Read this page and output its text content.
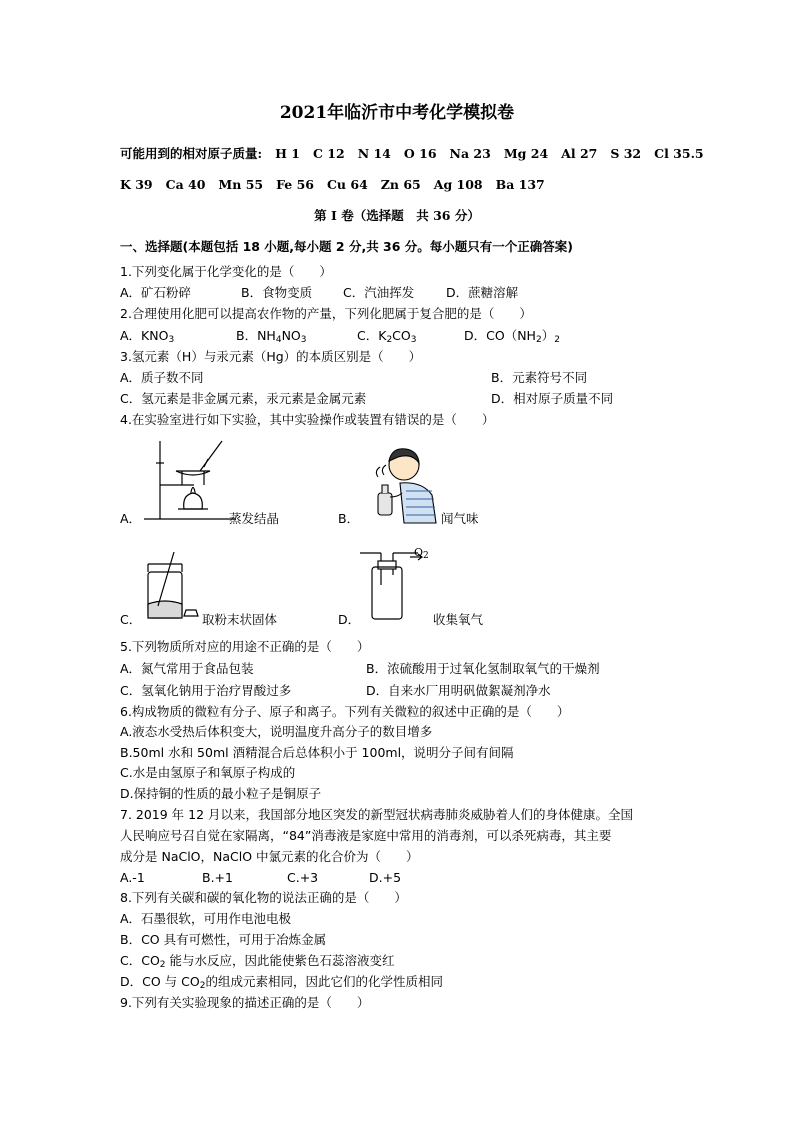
2021年临沂市中考化学模拟卷
可能用到的相对原子质量: H 1 C 12 N 14 O 16 Na 23 Mg 24 Al 27 S 32 Cl 35.5
K 39 Ca 40 Mn 55 Fe 56 Cu 64 Zn 65 Ag 108 Ba 137
第 I 卷（选择题　共 36 分）
一、选择题(本题包括 18 小题,每小题 2 分,共 36 分。每小题只有一个正确答案)
1.下列变化属于化学变化的是（　　）
A．矿石粉碎	B．食物变质 C．汽油挥发	D．蔗糖溶解
2.合理使用化肥可以提高农作物的产量，下列化肥属于复合肥的是（　　）
A．$KNO_3$	B．$NH_4NO_3$	C．$K_2CO_3$	D．$CO(NH_2)_2$
3.氢元素（H）与汞元素（Hg）的本质区别是（　　）
A．质子数不同	B．元素符号不同
C．氢元素是非金属元素，汞元素是金属元素	D．相对原子质量不同
4.在实验室进行如下实验，其中实验操作或装置有错误的是（　　）
A．	蒸发结晶	B．	闻气味
C．	取粉末状固体
$O_2$
D．	收集氧气
5.下列物质所对应的用途不正确的是（　　）
A．氮气常用于食品包装	B．浓硫酸用于过氧化氢制取氧气的干燥剂
C．氢氧化钠用于治疗胃酸过多	D．自来水厂用明矾做絮凝剂净水
6.构成物质的微粒有分子、原子和离子。下列有关微粒的叙述中正确的是（　　）
A.液态水受热后体积变大，说明温度升高分子的数目增多
B.50ml 水和 50ml 酒精混合后总体积小于 100ml，说明分子间有间隔
C.水是由氢原子和氧原子构成的
D.保持铜的性质的最小粒子是铜原子
7. 2019 年 12 月以来，我国部分地区突发的新型冠状病毒肺炎威胁着人们的身体健康。全国
人民响应号召自觉在家隔离，“84”消毒液是家庭中常用的消毒剂，可以杀死病毒，其主要
成分是 NaClO，NaClO 中氯元素的化合价为（　　）
A.-1	B.+1	C.+3	D.+5
8.下列有关碳和碳的氧化物的说法正确的是（　　）
A．石墨很软，可用作电池电极
B．CO 具有可燃性，可用于冶炼金属
C．$CO_2$ 能与水反应，因此能使紫色石蕊溶液变红
D．CO 与 $CO_2$的组成元素相同，因此它们的化学性质相同
9.下列有关实验现象的描述正确的是（　　）
